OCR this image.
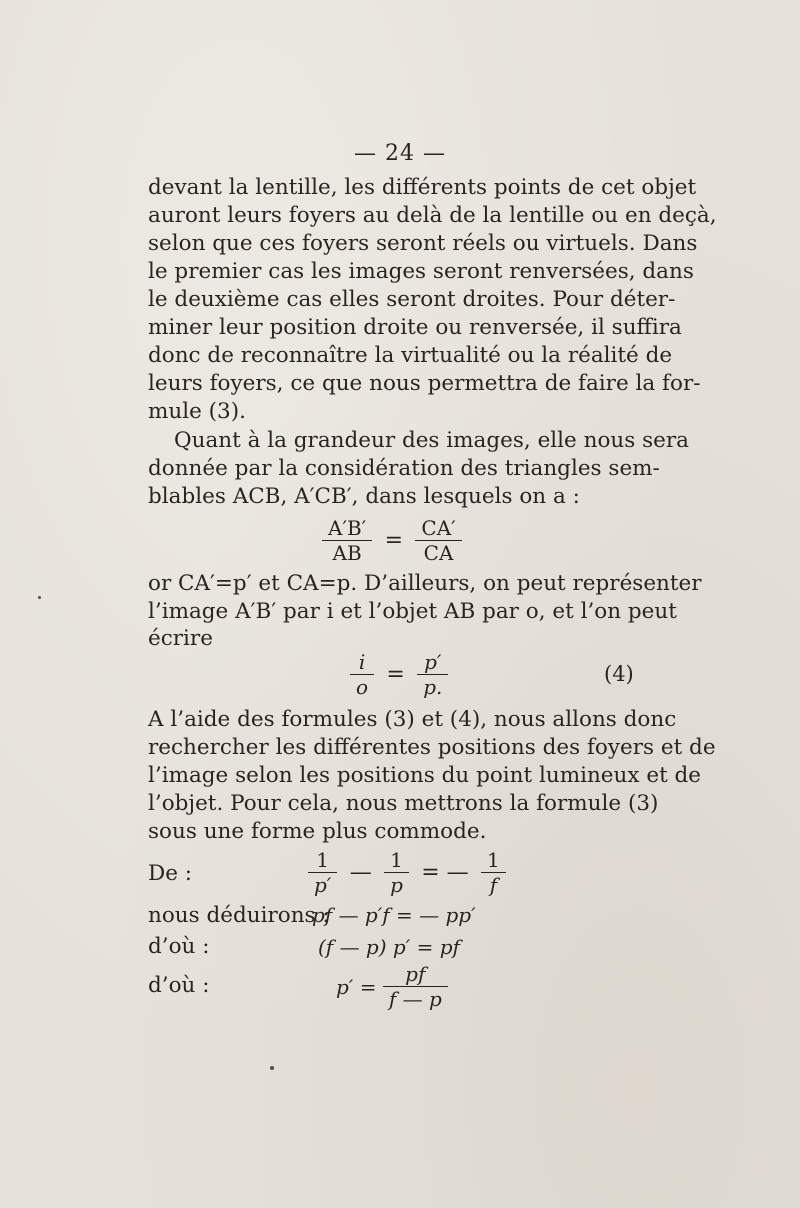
— 24 —
devant la lentille, les différents points de cet objet
auront leurs foyers au delà de la lentille ou en deçà,
selon que ces foyers seront réels ou virtuels. Dans
le premier cas les images seront renversées, dans
le deuxième cas elles seront droites. Pour déter-
miner leur position droite ou renversée, il suffira
donc de reconnaître la virtualité ou la réalité de
leurs foyers, ce que nous permettra de faire la for-
mule (3).
Quant à la grandeur des images, elle nous sera
donnée par la considération des triangles sem-
blables ACB, A′CB′, dans lesquels on a :
$\frac{A'B'}{AB} = \frac{CA'}{CA}$
or CA′=p′ et CA=p. D’ailleurs, on peut représenter
l’image A′B′ par i et l’objet AB par o, et l’on peut
écrire
$\frac{i}{o} = \frac{p'}{p.}$	(4)
A l’aide des formules (3) et (4), nous allons donc
rechercher les différentes positions des foyers et de
l’image selon les positions du point lumineux et de
l’objet. Pour cela, nous mettrons la formule (3)
sous une forme plus commode.
De :	$\frac{1}{p'}$ — $\frac{1}{p}$ = — $\frac{1}{f}$
nous déduirons :
pf — p′f = — pp′
d’où :	(f — p) p′ = pf
d’où :	$p' = \frac{pf}{f — p}$
